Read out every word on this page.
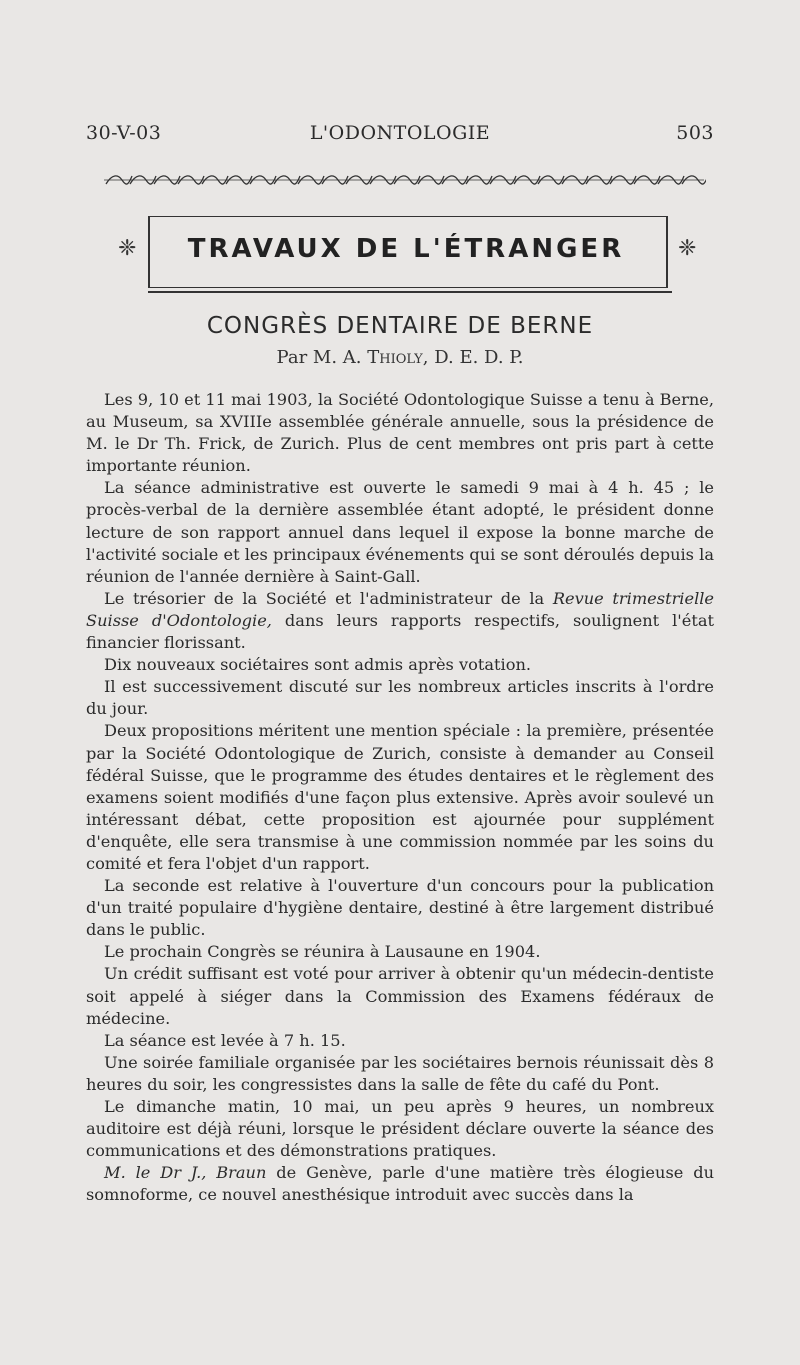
30-V-03	L'ODONTOLOGIE	503
❈	TRAVAUX DE L'ÉTRANGER	❈
CONGRÈS DENTAIRE DE BERNE
Par M. A. Thioly, D. E. D. P.

Les 9, 10 et 11 mai 1903, la Société Odontologique Suisse a tenu à Berne, au Museum, sa XVIIIe assemblée générale annuelle, sous la présidence de M. le Dr Th. Frick, de Zurich. Plus de cent membres ont pris part à cette importante réunion.

La séance administrative est ouverte le samedi 9 mai à 4 h. 45 ; le procès-verbal de la dernière assemblée étant adopté, le président donne lecture de son rapport annuel dans lequel il expose la bonne marche de l'activité sociale et les principaux événements qui se sont déroulés depuis la réunion de l'année dernière à Saint-Gall.

Le trésorier de la Société et l'administrateur de la Revue trimestrielle Suisse d'Odontologie, dans leurs rapports respectifs, soulignent l'état financier florissant.

Dix nouveaux sociétaires sont admis après votation.

Il est successivement discuté sur les nombreux articles inscrits à l'ordre du jour.

Deux propositions méritent une mention spéciale : la première, présentée par la Société Odontologique de Zurich, consiste à demander au Conseil fédéral Suisse, que le programme des études dentaires et le règlement des examens soient modifiés d'une façon plus extensive. Après avoir soulevé un intéressant débat, cette proposition est ajournée pour supplément d'enquête, elle sera transmise à une commission nommée par les soins du comité et fera l'objet d'un rapport.

La seconde est relative à l'ouverture d'un concours pour la publication d'un traité populaire d'hygiène dentaire, destiné à être largement distribué dans le public.

Le prochain Congrès se réunira à Lausaune en 1904.

Un crédit suffisant est voté pour arriver à obtenir qu'un médecin-dentiste soit appelé à siéger dans la Commission des Examens fédéraux de médecine.

La séance est levée à 7 h. 15.

Une soirée familiale organisée par les sociétaires bernois réunissait dès 8 heures du soir, les congressistes dans la salle de fête du café du Pont.

Le dimanche matin, 10 mai, un peu après 9 heures, un nombreux auditoire est déjà réuni, lorsque le président déclare ouverte la séance des communications et des démonstrations pratiques.

M. le Dr J., Braun de Genève, parle d'une matière très élogieuse du somnoforme, ce nouvel anesthésique introduit avec succès dans la
